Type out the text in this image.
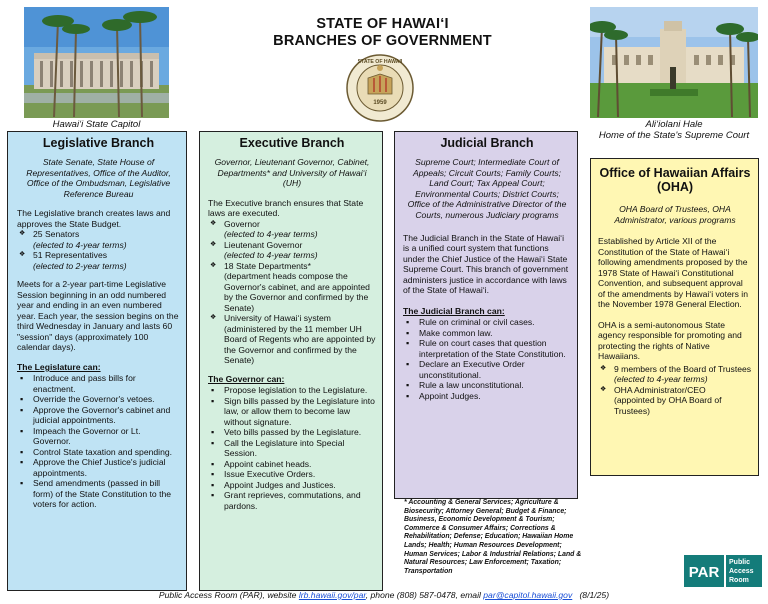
Hawai‘i State Capitol	Ali‘iolani Hale
Home of the State's Supreme Court
STATE OF HAWAI‘I
BRANCHES OF GOVERNMENT
STATE OF HAWAII
1959
Legislative Branch
State Senate, State House of Representatives, Office of the Auditor, Office of the Ombudsman, Legislative Reference Bureau

The Legislative branch creates laws and approves the State Budget.

❖ 25 Senators
(elected to 4-year terms)
❖ 51 Representatives
(elected to 2-year terms)

Meets for a 2-year part-time Legislative Session beginning in an odd numbered year and ending in an even numbered year. Each year, the session begins on the third Wednesday in January and lasts 60 "session" days (approximately 100 calendar days).

The Legislature can:
▪ Introduce and pass bills for enactment.
▪ Override the Governor's vetoes.
▪ Approve the Governor's cabinet and judicial appointments.
▪ Impeach the Governor or Lt. Governor.
▪ Control State taxation and spending.
▪ Approve the Chief Justice's judicial appointments.
▪ Send amendments (passed in bill form) of the State Constitution to the voters for action.
Executive Branch
Governor, Lieutenant Governor, Cabinet, Departments* and University of Hawai‘i (UH)

The Executive branch ensures that State laws are executed.

❖ Governor
(elected to 4-year terms)
❖ Lieutenant Governor
(elected to 4-year terms)
❖ 18 State Departments*
(department heads compose the Governor's cabinet, and are appointed by the Governor and confirmed by the Senate)
❖ University of Hawai‘i system
(administered by the 11 member UH Board of Regents who are appointed by the Governor and confirmed by the Senate)
The Governor can:
▪ Propose legislation to the Legislature.
▪ Sign bills passed by the Legislature into law, or allow them to become law without signature.
▪ Veto bills passed by the Legislature.
▪ Call the Legislature into Special Session.
▪ Appoint cabinet heads.
▪ Issue Executive Orders.
▪ Appoint Judges and Justices.
▪ Grant reprieves, commutations, and pardons.
Judicial Branch
Supreme Court; Intermediate Court of Appeals; Circuit Courts; Family Courts; Land Court; Tax Appeal Court; Environmental Courts; District Courts; Office of the Administrative Director of the Courts, numerous Judiciary programs

The Judicial Branch in the State of Hawai‘i is a unified court system that functions under the Chief Justice of the Hawai‘i State Supreme Court. This branch of government administers justice in accordance with laws of the State of Hawai‘i.

The Judicial Branch can:
▪ Rule on criminal or civil cases.
▪ Make common law.
▪ Rule on court cases that question interpretation of the State Constitution.
▪ Declare an Executive Order unconstitutional.
▪ Rule a law unconstitutional.
▪ Appoint Judges.
Office of Hawaiian Affairs (OHA)
OHA Board of Trustees, OHA Administrator, various programs

Established by Article XII of the Constitution of the State of Hawai‘i following amendments proposed by the 1978 State of Hawai‘i Constitutional Convention, and subsequent approval of the amendments by Hawai‘i voters in the November 1978 General Election.

OHA is a semi-autonomous State agency responsible for promoting and protecting the rights of Native Hawaiians.

❖ 9 members of the Board of Trustees (elected to 4-year terms)
❖ OHA Administrator/CEO
(appointed by OHA Board of Trustees)
* Accounting & General Services; Agriculture & Biosecurity; Attorney General; Budget & Finance; Business, Economic Development & Tourism; Commerce & Consumer Affairs; Corrections & Rehabilitation; Defense; Education; Hawaiian Home Lands; Health; Human Resources Development; Human Services; Labor & Industrial Relations; Land & Natural Resources; Law Enforcement; Taxation; Transportation	PAR
Public
Access
Room
Public Access Room (PAR), website lrb.hawaii.gov/par, phone (808) 587-0478, email par@capitol.hawaii.gov (8/1/25)
